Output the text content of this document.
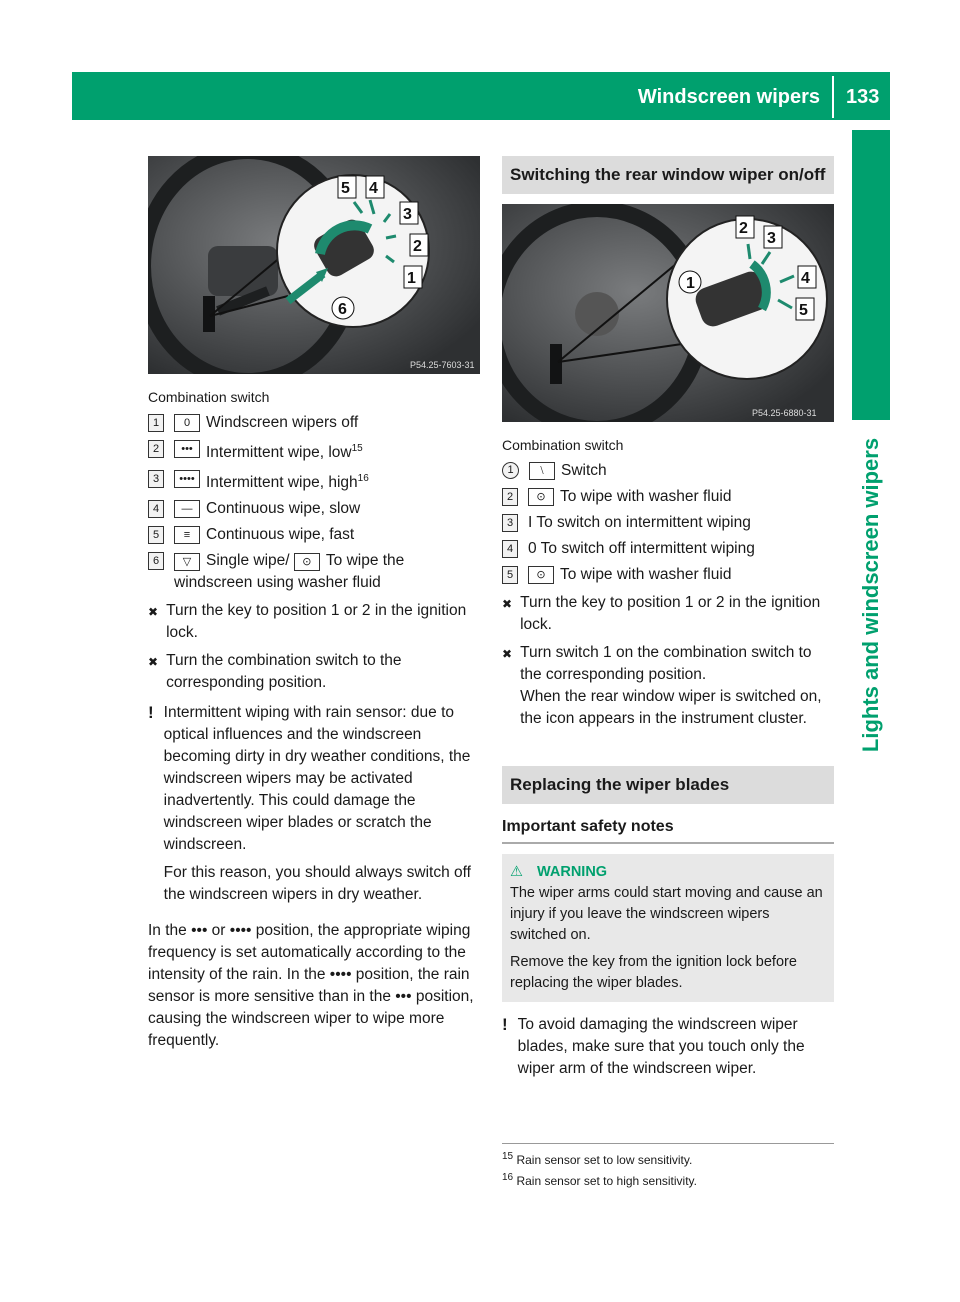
Windscreen wipers 133
Lights and windscreen wipers
5 4
3
2
1
6
P54.25-7603-31
Combination switch
1	0	Windscreen wipers off
2	••• Intermittent wipe, low$^{15}$
3	•••• Intermittent wipe, high$^{16}$
4	— Continuous wipe, slow
5	≡	Continuous wipe, fast
6	▽ Single wipe/ ⊙ To wipe the windscreen using washer fluid
✖ Turn the key to position 1 or 2 in the ignition lock.
✖ Turn the combination switch to the corresponding position.
! Intermittent wiping with rain sensor: due to optical influences and the windscreen becoming dirty in dry weather conditions, the windscreen wipers may be activated inadvertently. This could damage the windscreen wiper blades or scratch the windscreen.

For this reason, you should always switch off the windscreen wipers in dry weather.

In the ••• or •••• position, the appropriate wiping frequency is set automatically according to the intensity of the rain. In the •••• position, the rain sensor is more sensitive than in the ••• position, causing the windscreen wiper to wipe more frequently.

Switching the rear window wiper on/off
2
3
4
5
1
P54.25-6880-31
Combination switch
1	⧵	Switch
2	⊙ To wipe with washer fluid
3 I To switch on intermittent wiping
4 0 To switch off intermittent wiping
5	⊙ To wipe with washer fluid
✖ Turn the key to position 1 or 2 in the ignition lock.
✖ Turn switch 1 on the combination switch to the corresponding position.
When the rear window wiper is switched on, the icon appears in the instrument cluster.
Replacing the wiper blades
Important safety notes
⚠ WARNING
The wiper arms could start moving and cause an injury if you leave the windscreen wipers switched on.
Remove the key from the ignition lock before replacing the wiper blades.
! To avoid damaging the windscreen wiper blades, make sure that you touch only the wiper arm of the windscreen wiper.
$^{15}$ Rain sensor set to low sensitivity.
$^{16}$ Rain sensor set to high sensitivity.
